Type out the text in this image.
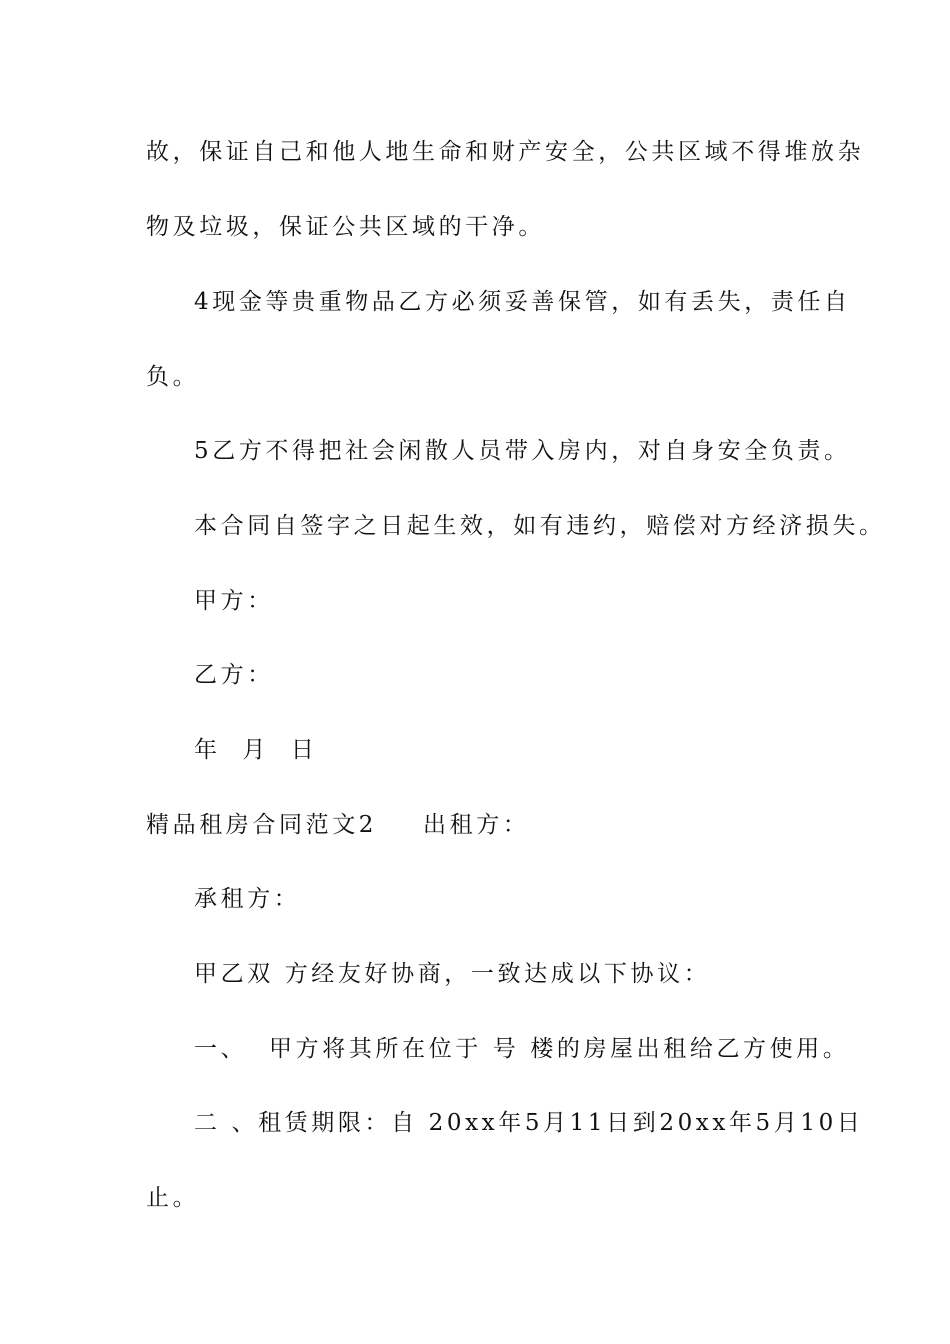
故，保证自己和他人地生命和财产安全，公共区域不得堆放杂

物及垃圾，保证公共区域的干净。

4现金等贵重物品乙方必须妥善保管，如有丢失，责任自

负。

5乙方不得把社会闲散人员带入房内，对自身安全负责。

本合同自签字之日起生效，如有违约，赔偿对方经济损失。

甲方：

乙方：

年  月  日

精品租房合同范文2 出租方：

承租方：

甲乙双 方经友好协商，一致达成以下协议：

一、  甲方将其所在位于 号 楼的房屋出租给乙方使用。

二 、租赁期限：自 20xx年5月11日到20xx年5月10日

止。
